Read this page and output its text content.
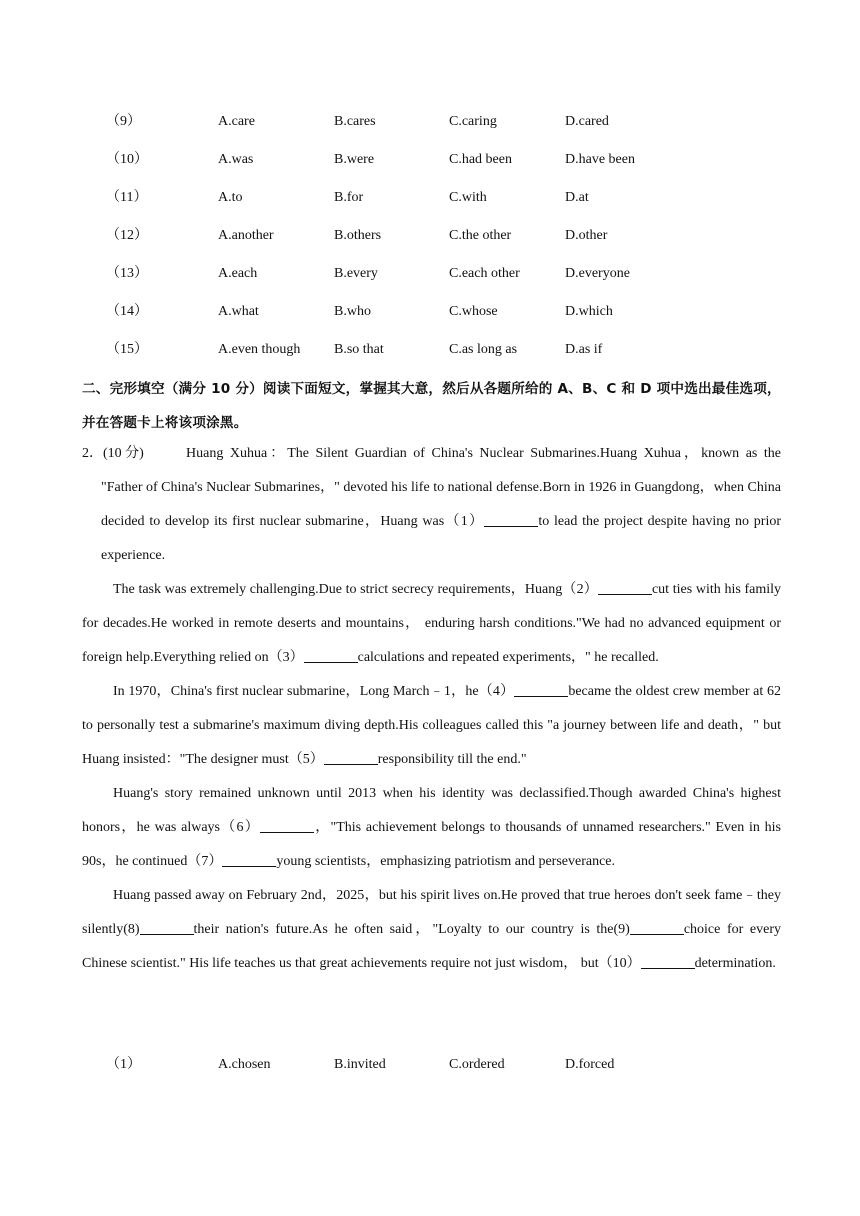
（9）	A.care	B.cares	C.caring	D.cared
（10）	A.was	B.were	C.had been	D.have been
（11）	A.to	B.for	C.with	D.at
（12）	A.another	B.others	C.the other	D.other
（13）	A.each	B.every	C.each other	D.everyone
（14）	A.what	B.who	C.whose	D.which
（15）	A.even though B.so that	C.as long as	D.as if
二、完形填空（满分 10 分）阅读下面短文，掌握其大意，然后从各题所给的 A、B、C 和 D 项中选出最佳选项，并在答题卡上将该项涂黑。

2．(10 分)	Huang Xuhua：The Silent Guardian of China's Nuclear Submarines.Huang Xuhua，known as the "Father of China's Nuclear Submarines，" devoted his life to national defense.Born in 1926 in Guangdong，when China decided to develop its first nuclear submarine，Huang was（1）	to lead the project despite having no prior experience.

The task was extremely challenging.Due to strict secrecy requirements，Huang（2）	cut ties with his family for decades.He worked in remote deserts and mountains， enduring harsh conditions."We had no advanced equipment or foreign help.Everything relied on（3）	calculations and repeated experiments，" he recalled.

In 1970，China's first nuclear submarine，Long March﹣1，he（4）	became the oldest crew member at 62 to personally test a submarine's maximum diving depth.His colleagues called this "a journey between life and death，" but Huang insisted："The designer must（5）	responsibility till the end."

Huang's story remained unknown until 2013 when his identity was declassified.Though awarded China's highest honors，he was always（6）	，"This achievement belongs to thousands of unnamed researchers." Even in his 90s，he continued（7）	young scientists，emphasizing patriotism and perseverance.

Huang passed away on February 2nd，2025，but his spirit lives on.He proved that true heroes don't seek fame﹣they silently(8)	their nation's future.As he often said，"Loyalty to our country is the(9)	choice for every Chinese scientist." His life teaches us that great achievements require not just wisdom， but（10）	determination.

（1）	A.chosen	B.invited	C.ordered	D.forced
